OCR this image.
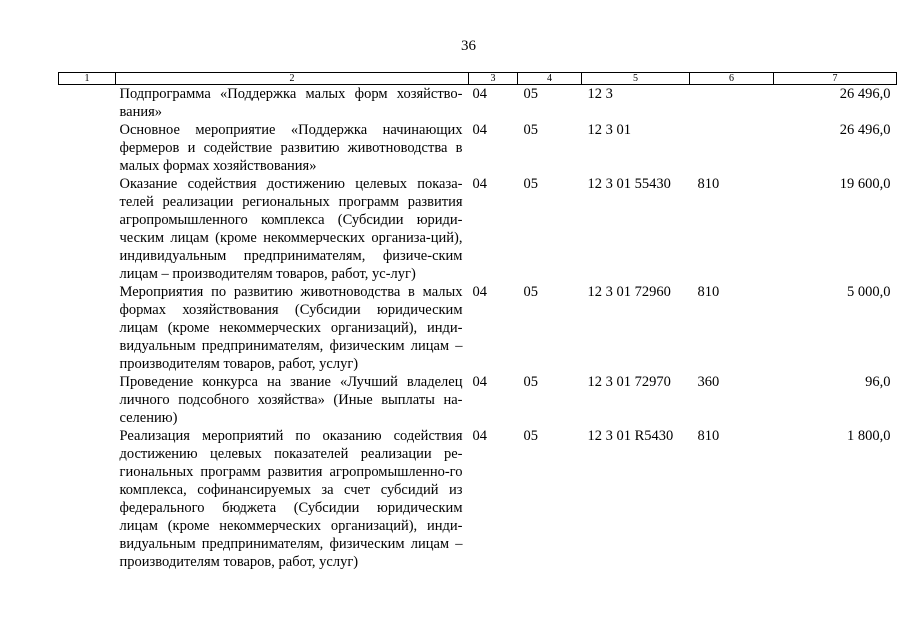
36
1	2	3	4	5	6	7
	Подпрограмма «Поддержка малых форм хозяйство-вания»	04	05	12 3		26 496,0
	Основное мероприятие «Поддержка начинающих фермеров и содействие развитию животноводства в малых формах хозяйствования»	04	05	12 3 01		26 496,0
	Оказание содействия достижению целевых показа-телей реализации региональных программ развития агропромышленного комплекса (Субсидии юриди-ческим лицам (кроме некоммерческих организа-ций), индивидуальным предпринимателям, физиче-ским лицам – производителям товаров, работ, ус-луг)	04	05	12 3 01 55430	810	19 600,0
	Мероприятия по развитию животноводства в малых формах хозяйствования (Субсидии юридическим лицам (кроме некоммерческих организаций), инди-видуальным предпринимателям, физическим лицам – производителям товаров, работ, услуг)	04	05	12 3 01 72960	810	5 000,0
	Проведение конкурса на звание «Лучший владелец личного подсобного хозяйства» (Иные выплаты на-селению)	04	05	12 3 01 72970	360	96,0
	Реализация мероприятий по оказанию содействия достижению целевых показателей реализации ре-гиональных программ развития агропромышленно-го комплекса, софинансируемых за счет субсидий из федерального бюджета (Субсидии юридическим лицам (кроме некоммерческих организаций), инди-видуальным предпринимателям, физическим лицам – производителям товаров, работ, услуг)	04	05	12 3 01 R5430	810	1 800,0
